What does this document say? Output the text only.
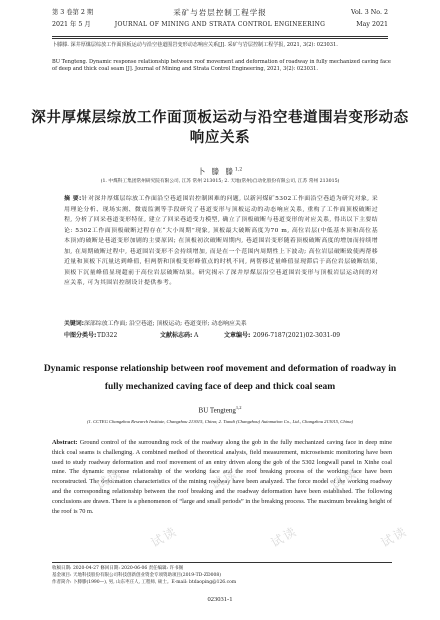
第 3 卷第 2 期	采矿与岩层控制工程学报	Vol. 3 No. 2
2021 年 5 月	JOURNAL OF MINING AND STRATA CONTROL ENGINEERING	May 2021
卜滕滕. 深井厚煤层综放工作面顶板运动与沿空巷道围岩变形动态响应关系[J]. 采矿与岩层控制工程学报, 2021, 3(2): 023031.
BU Tengteng. Dynamic response relationship between roof movement and deformation of roadway in fully mechanized caving face of deep and thick coal seam [J]. Journal of Mining and Strata Control Engineering, 2021, 3(2): 023031.
深井厚煤层综放工作面顶板运动与沿空巷道围岩变形动态响应关系
卜 滕 滕$^{1,2}$
(1. 中煤科工集团常州研究院有限公司, 江苏 常州 213015; 2. 天地(常州)自动化股份有限公司, 江苏 常州 213015)
摘 要:针对深井厚煤层综放工作面沿空巷道围岩控制困难的问题, 以新河煤矿5302工作面沿空巷道为研究对象, 采用理论分析、现场实测、微震监测等手段研究了巷道变形与顶板运动的动态响应关系, 重构了工作面顶板破断过程, 分析了回采巷道变形特征, 建立了回采巷道受力模型, 确立了顶板破断与巷道变形的对应关系, 得出以下主要结论: 5302工作面顶板破断过程存在“大小周期”现象, 顶板最大破断高度为70 m, 高位岩层(中低基本顶和高位基本顶)的破断是巷道变形加剧的主要原因; 在顶板初次破断周期内, 巷道围岩变形随着顶板破断高度的增加而持续增加, 在周期破断过程中, 巷道围岩变形不会持续增加, 而是在一个范围内周期性上下波动; 高位岩层破断致使两帮移近量和顶板下沉量达到峰值, 但两帮和顶板变形峰值点的时机不同, 两帮移近量峰值显现滞后于高位岩层破断结果, 顶板下沉量峰值显现超前于高位岩层破断结果。研究揭示了深井厚煤层沿空巷道围岩变形与顶板岩层运动间的对应关系, 可为其围岩控制设计提供参考。
关键词:深部综放工作面; 沿空巷道; 顶板运动; 巷道变形; 动态响应关系
中图分类号: TD322	文献标志码: A	文章编号: 2096-7187(2021)02-3031-09
Dynamic response relationship between roof movement and deformation of roadway in fully mechanized caving face of deep and thick coal seam
BU Tengteng$^{1,2}$
(1. CCTEG Changzhou Research Institute, Changzhou 213015, China; 2. Tiandi (Changzhou) Automation Co., Ltd., Changzhou 213015, China)
Abstract: Ground control of the surrounding rock of the roadway along the gob in the fully mechanized caving face in deep mine thick coal seams is challenging. A combined method of theoretical analysis, field measurement, microseismic monitoring have been used to study roadway deformation and roof movement of an entry driven along the gob of the 5302 longwall panel in Xinhe coal mine. The dynamic response relationship of the working face and the roof breaking process of the working face have been reconstructed. The deformation characteristics of the mining roadway have been analyzed. The force model of the working roadway and the corresponding relationship between the roof breaking and the roadway deformation have been established. The following conclusions are drawn. There is a phenomenon of “large and small periods” in the breaking process. The maximum breaking height of the roof is 70 m.
收稿日期: 2020-04-27 修回日期: 2020-06-06 责任编辑: 许书阁
基金项目: 天地科技股份有限公司科技创新创业资金专项资助项目(2019-TD-ZD008)
作者简介: 卜滕滕(1990—), 男, 山东枣庄人, 工程师, 硕士。E-mail: btdaoping@126.com
023031-1
试读	试读	试读
试读	试读	试读
